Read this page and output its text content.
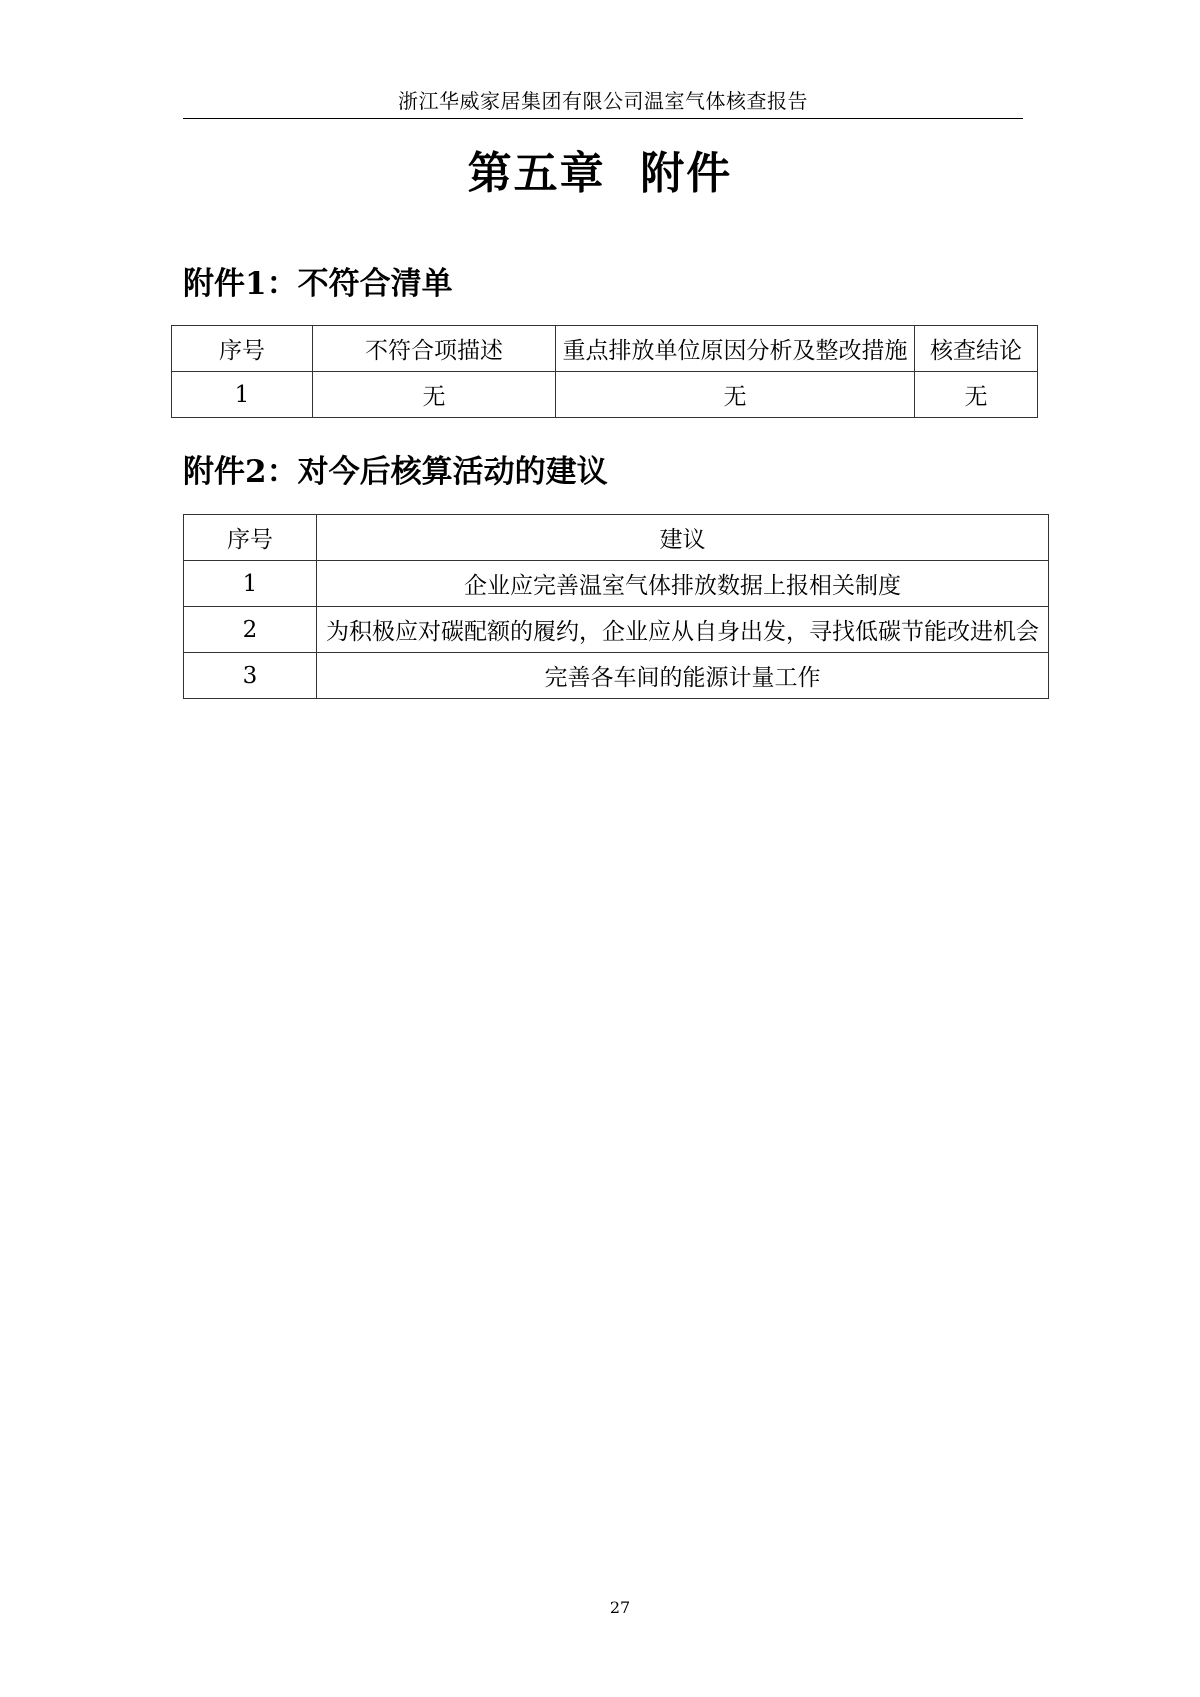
浙江华威家居集团有限公司温室气体核查报告
第五章  附件
附件1：不符合清单
序号	不符合项描述	重点排放单位原因分析及整改措施	核查结论
1	无	无	无
附件2：对今后核算活动的建议
序号	建议
1	企业应完善温室气体排放数据上报相关制度
2	为积极应对碳配额的履约，企业应从自身出发，寻找低碳节能改进机会
3	完善各车间的能源计量工作
27
